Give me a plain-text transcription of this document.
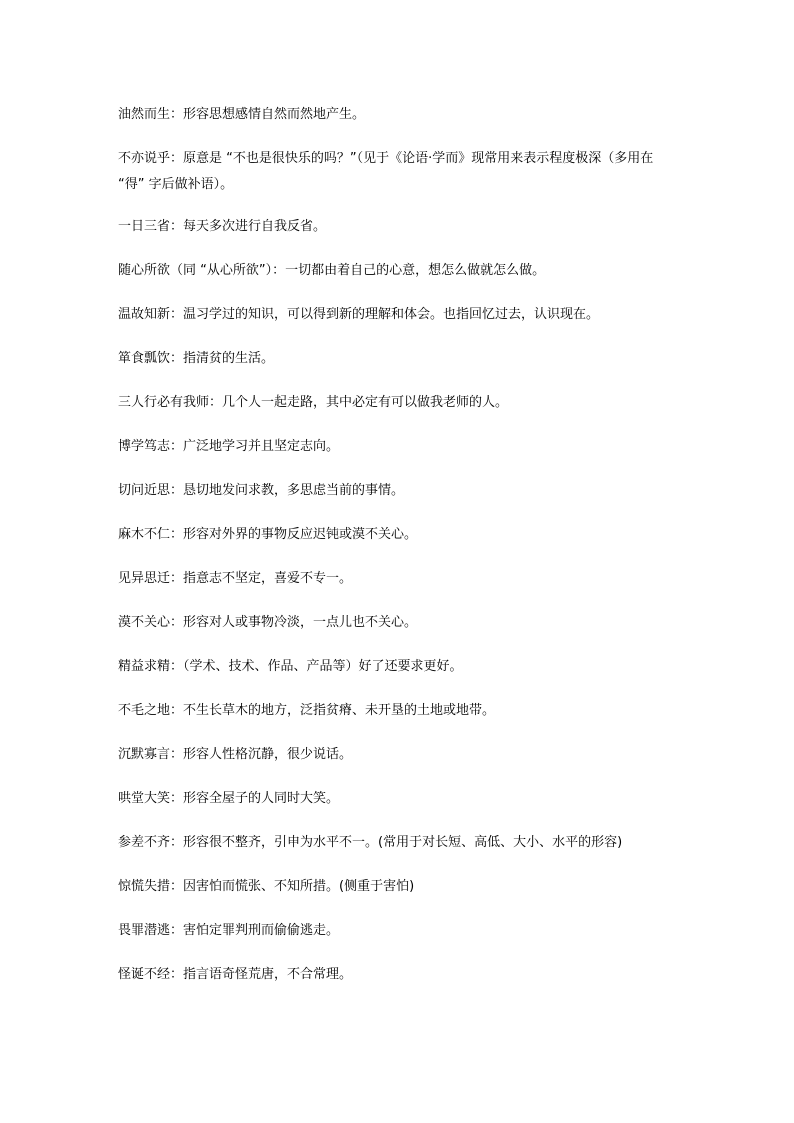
油然而生：形容思想感情自然而然地产生。

不亦说乎：原意是 “不也是很快乐的吗？”（见于《论语·学而》现常用来表示程度极深（多用在 “得” 字后做补语）。

一日三省：每天多次进行自我反省。

随心所欲（同 “从心所欲”）：一切都由着自己的心意，想怎么做就怎么做。

温故知新：温习学过的知识，可以得到新的理解和体会。也指回忆过去，认识现在。

箪食瓢饮：指清贫的生活。

三人行必有我师：几个人一起走路，其中必定有可以做我老师的人。

博学笃志：广泛地学习并且坚定志向。

切问近思：恳切地发问求教，多思虑当前的事情。

麻木不仁：形容对外界的事物反应迟钝或漠不关心。

见异思迁：指意志不坚定，喜爱不专一。

漠不关心：形容对人或事物冷淡，一点儿也不关心。

精益求精：（学术、技术、作品、产品等）好了还要求更好。

不毛之地：不生长草木的地方，泛指贫瘠、未开垦的土地或地带。

沉默寡言：形容人性格沉静，很少说话。

哄堂大笑：形容全屋子的人同时大笑。

参差不齐：形容很不整齐，引申为水平不一。(常用于对长短、高低、大小、水平的形容)

惊慌失措：因害怕而慌张、不知所措。(侧重于害怕)

畏罪潜逃：害怕定罪判刑而偷偷逃走。

怪诞不经：指言语奇怪荒唐，不合常理。
